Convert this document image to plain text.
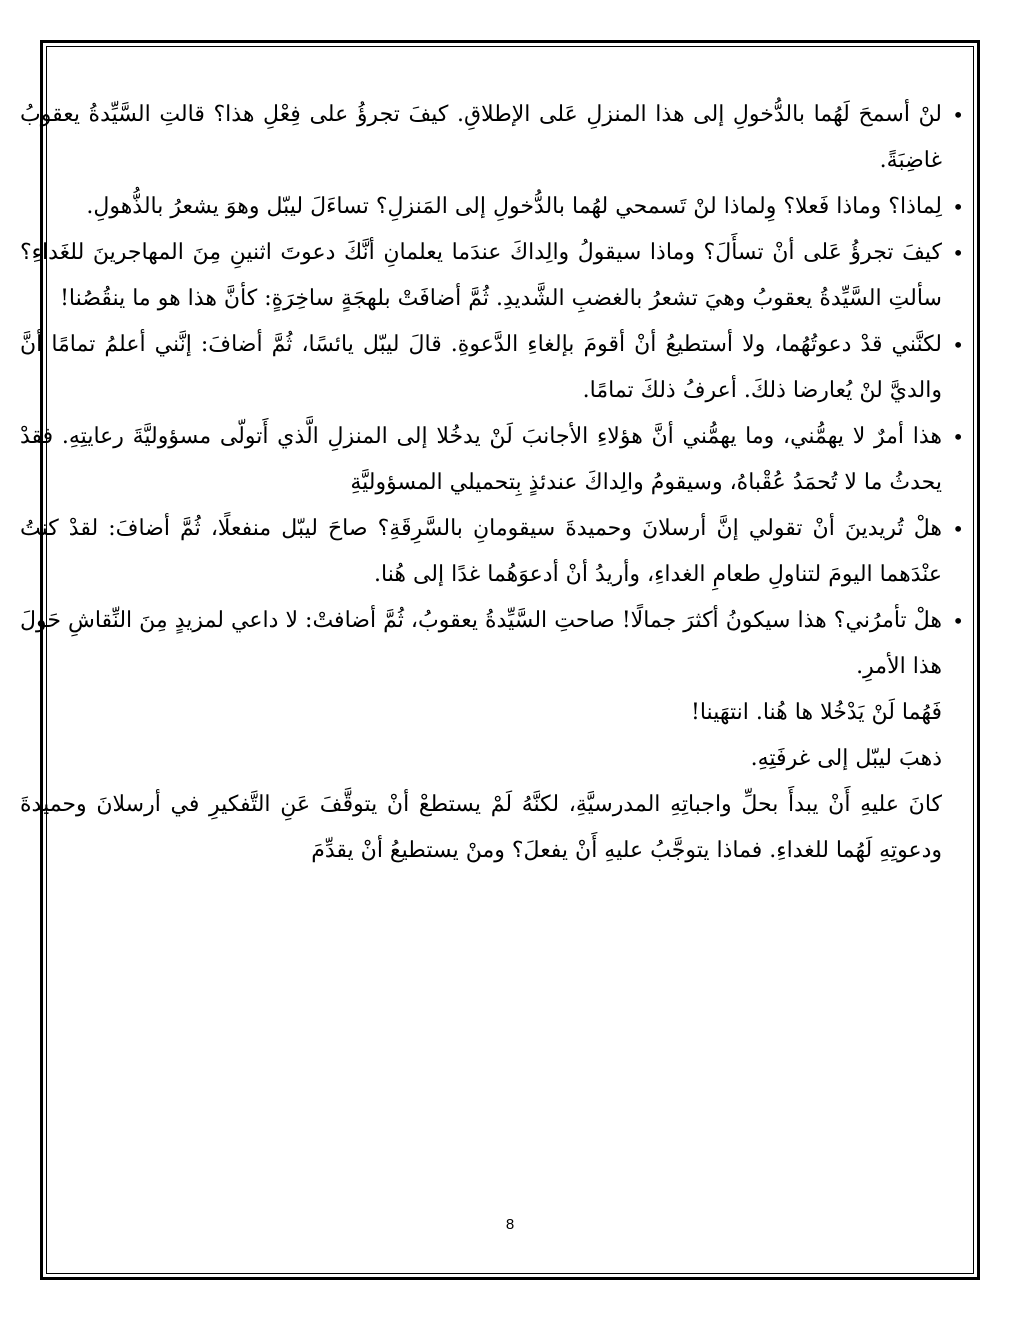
• لنْ أسمحَ لَهُما بالدُّخولِ إلى هذا المنزلِ عَلى الإطلاقِ. كيفَ تجرؤُ على فِعْلِ هذا؟ قالتِ السَّيِّدةُ يعقوبُ غاضِبَةً.

• لِماذا؟ وماذا فَعلا؟ وِلماذا لنْ تَسمحي لهُما بالدُّخولِ إلى المَنزلِ؟ تساءَلَ ليبّل وهوَ يشعرُ بالذُّهولِ.

• كيفَ تجرؤُ عَلى أنْ تسأَلَ؟ وماذا سيقولُ والِداكَ عندَما يعلمانِ أنَّكَ دعوتَ اثنينِ مِنَ المهاجرينَ للغَداءِ؟ سألتِ السَّيِّدةُ يعقوبُ وهيَ تشعرُ بالغضبِ الشَّديدِ. ثُمَّ أضافَتْ بلهجَةٍ ساخِرَةٍ: كأنَّ هذا هو ما ينقُصُنا!

• لكنَّني قدْ دعوتُهُما، ولا أستطيعُ أنْ أقومَ بإلغاءِ الدَّعوةِ. قالَ ليبّل يائسًا، ثُمَّ أضافَ: إنَّني أعلمُ تمامًا أنَّ والديَّ لنْ يُعارضا ذلكَ. أعرفُ ذلكَ تمامًا.

• هذا أمرٌ لا يهمُّني، وما يهمُّني أنَّ هؤلاءِ الأجانبَ لَنْ يدخُلا إلى المنزلِ الَّذي أَتولّى مسؤوليَّةَ رعايتِهِ. فقدْ يحدثُ ما لا تُحمَدُ عُقْباهُ، وسيقومُ والِداكَ عندئذٍ بِتحميلي المسؤوليَّةِ

• هلْ تُريدينَ أنْ تقولي إنَّ أرسلانَ وحميدةَ سيقومانِ بالسَّرِقَةِ؟ صاحَ ليبّل منفعلًا، ثُمَّ أضافَ: لقدْ كنتُ عنْدَهما اليومَ لتناولِ طعامِ الغداءِ، وأريدُ أنْ أدعوَهُما غدًا إلى هُنا.

• هلْ تأمرُني؟ هذا سيكونُ أكثرَ جمالًا! صاحتِ السَّيِّدةُ يعقوبُ، ثُمَّ أضافتْ: لا داعي لمزيدٍ مِنَ النِّقاشِ حَولَ هذا الأمرِ.

فَهُما لَنْ يَدْخُلا ها هُنا. انتهَينا!

ذهبَ ليبّل إلى غرفَتِهِ.

كانَ عليهِ أَنْ يبدأَ بحلِّ واجباتِهِ المدرسيَّةِ، لكنَّهُ لَمْ يستطعْ أنْ يتوقَّفَ عَنِ التَّفكيرِ في أرسلانَ وحميدةَ ودعوتِهِ لَهُما للغداءِ. فماذا يتوجَّبُ عليهِ أَنْ يفعلَ؟ ومنْ يستطيعُ أنْ يقدِّمَ

8
